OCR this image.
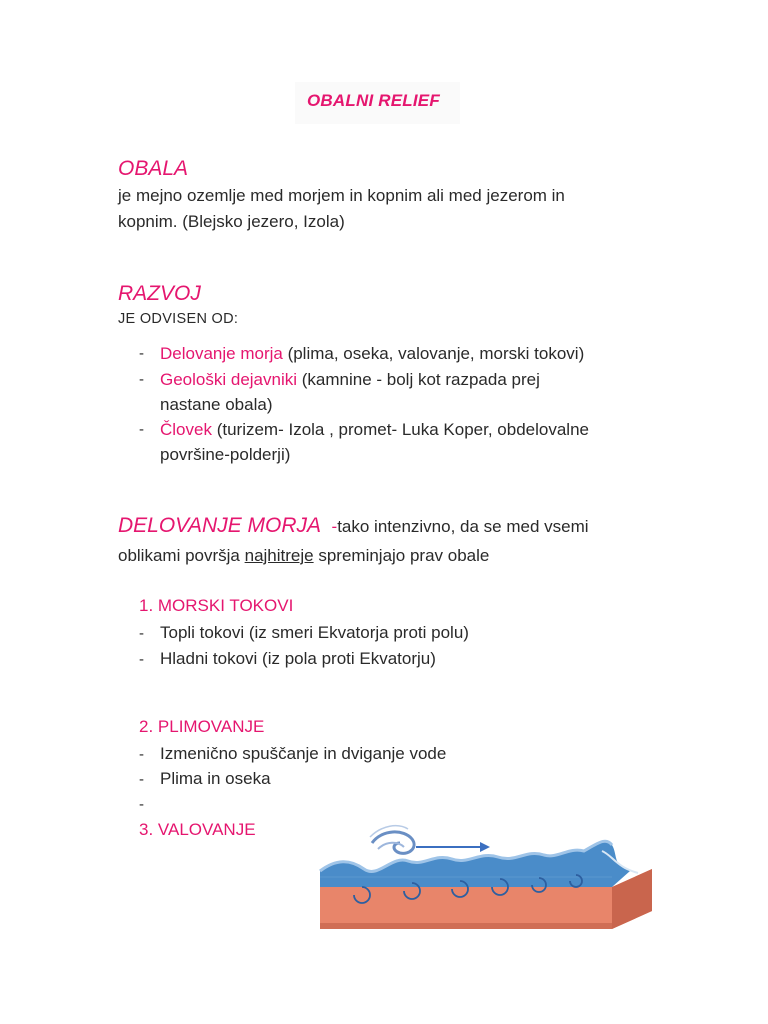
OBALNI RELIEF
OBALA
je mejno ozemlje med morjem in kopnim ali med jezerom in
kopnim. (Blejsko jezero, Izola)
RAZVOJ
JE ODVISEN OD:
- Delovanje morja (plima, oseka, valovanje, morski tokovi)
- Geološki dejavniki (kamnine - bolj kot razpada prej
nastane obala)
- Človek (turizem- Izola , promet- Luka Koper, obdelovalne
površine-polderji)
DELOVANJE MORJA -tako intenzivno, da se med vsemi
oblikami površja najhitreje spreminjajo prav obale
1. MORSKI TOKOVI
- Topli tokovi (iz smeri Ekvatorja proti polu)
- Hladni tokovi (iz pola proti Ekvatorju)
2. PLIMOVANJE
- Izmenično spuščanje in dviganje vode
- Plima in oseka
-
3. VALOVANJE
